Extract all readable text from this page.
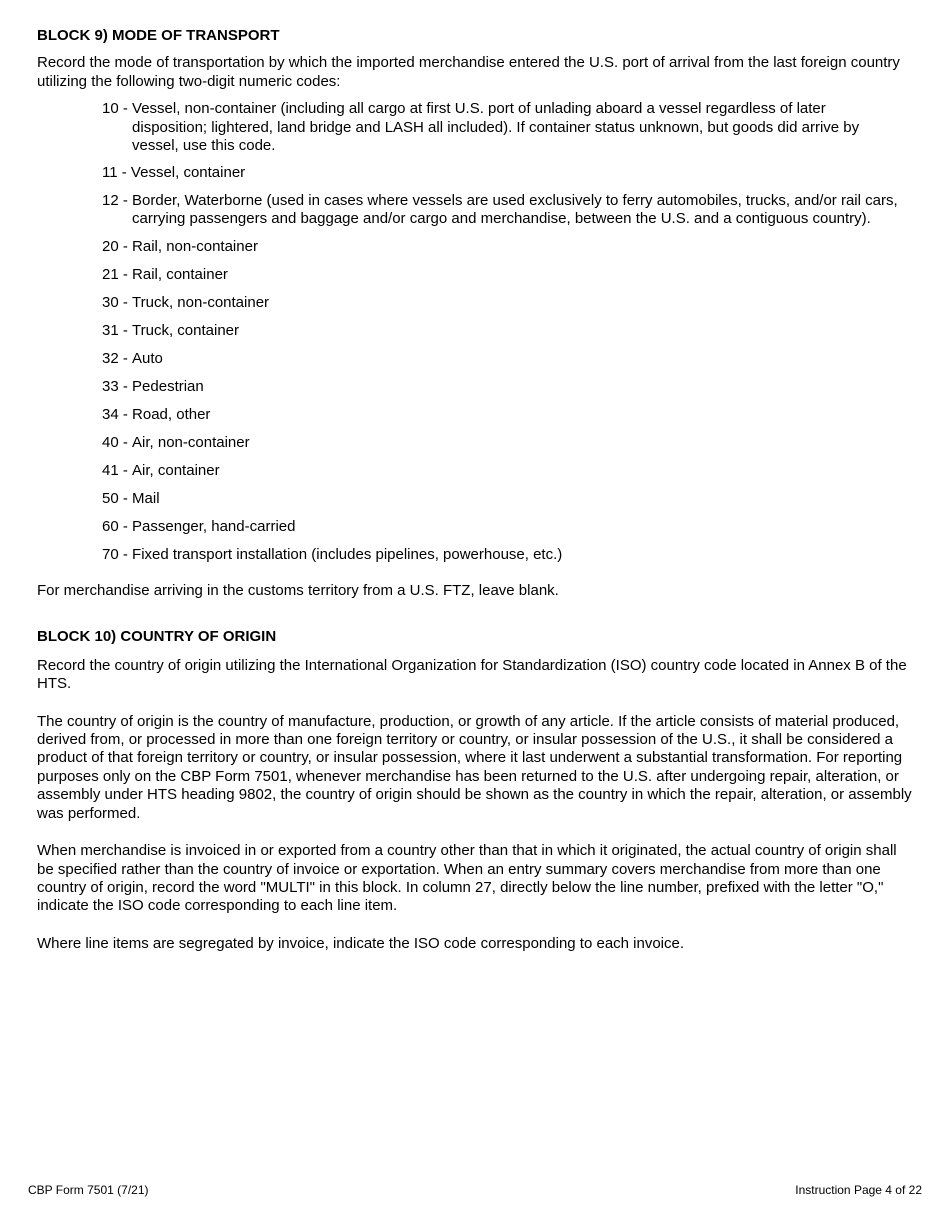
BLOCK 9) MODE OF TRANSPORT
Record the mode of transportation by which the imported merchandise entered the U.S. port of arrival from the last foreign country utilizing the following two-digit numeric codes:
10 - Vessel, non-container (including all cargo at first U.S. port of unlading aboard a vessel regardless of later disposition; lightered, land bridge and LASH all included). If container status unknown, but goods did arrive by vessel, use this code.
11 - Vessel, container
12 - Border, Waterborne (used in cases where vessels are used exclusively to ferry automobiles, trucks, and/or rail cars, carrying passengers and baggage and/or cargo and merchandise, between the U.S. and a contiguous country).
20 - Rail, non-container
21 - Rail, container
30 - Truck, non-container
31 - Truck, container
32 - Auto
33 - Pedestrian
34 - Road, other
40 - Air, non-container
41 - Air, container
50 - Mail
60 - Passenger, hand-carried
70 - Fixed transport installation (includes pipelines, powerhouse, etc.)
For merchandise arriving in the customs territory from a U.S. FTZ, leave blank.
BLOCK 10) COUNTRY OF ORIGIN
Record the country of origin utilizing the International Organization for Standardization (ISO) country code located in Annex B of the HTS.
The country of origin is the country of manufacture, production, or growth of any article. If the article consists of material produced, derived from, or processed in more than one foreign territory or country, or insular possession of the U.S., it shall be considered a product of that foreign territory or country, or insular possession, where it last underwent a substantial transformation. For reporting purposes only on the CBP Form 7501, whenever merchandise has been returned to the U.S. after undergoing repair, alteration, or assembly under HTS heading 9802, the country of origin should be shown as the country in which the repair, alteration, or assembly was performed.
When merchandise is invoiced in or exported from a country other than that in which it originated, the actual country of origin shall be specified rather than the country of invoice or exportation. When an entry summary covers merchandise from more than one country of origin, record the word "MULTI" in this block. In column 27, directly below the line number, prefixed with the letter "O," indicate the ISO code corresponding to each line item.
Where line items are segregated by invoice, indicate the ISO code corresponding to each invoice.
CBP Form 7501 (7/21)	Instruction Page 4 of 22
